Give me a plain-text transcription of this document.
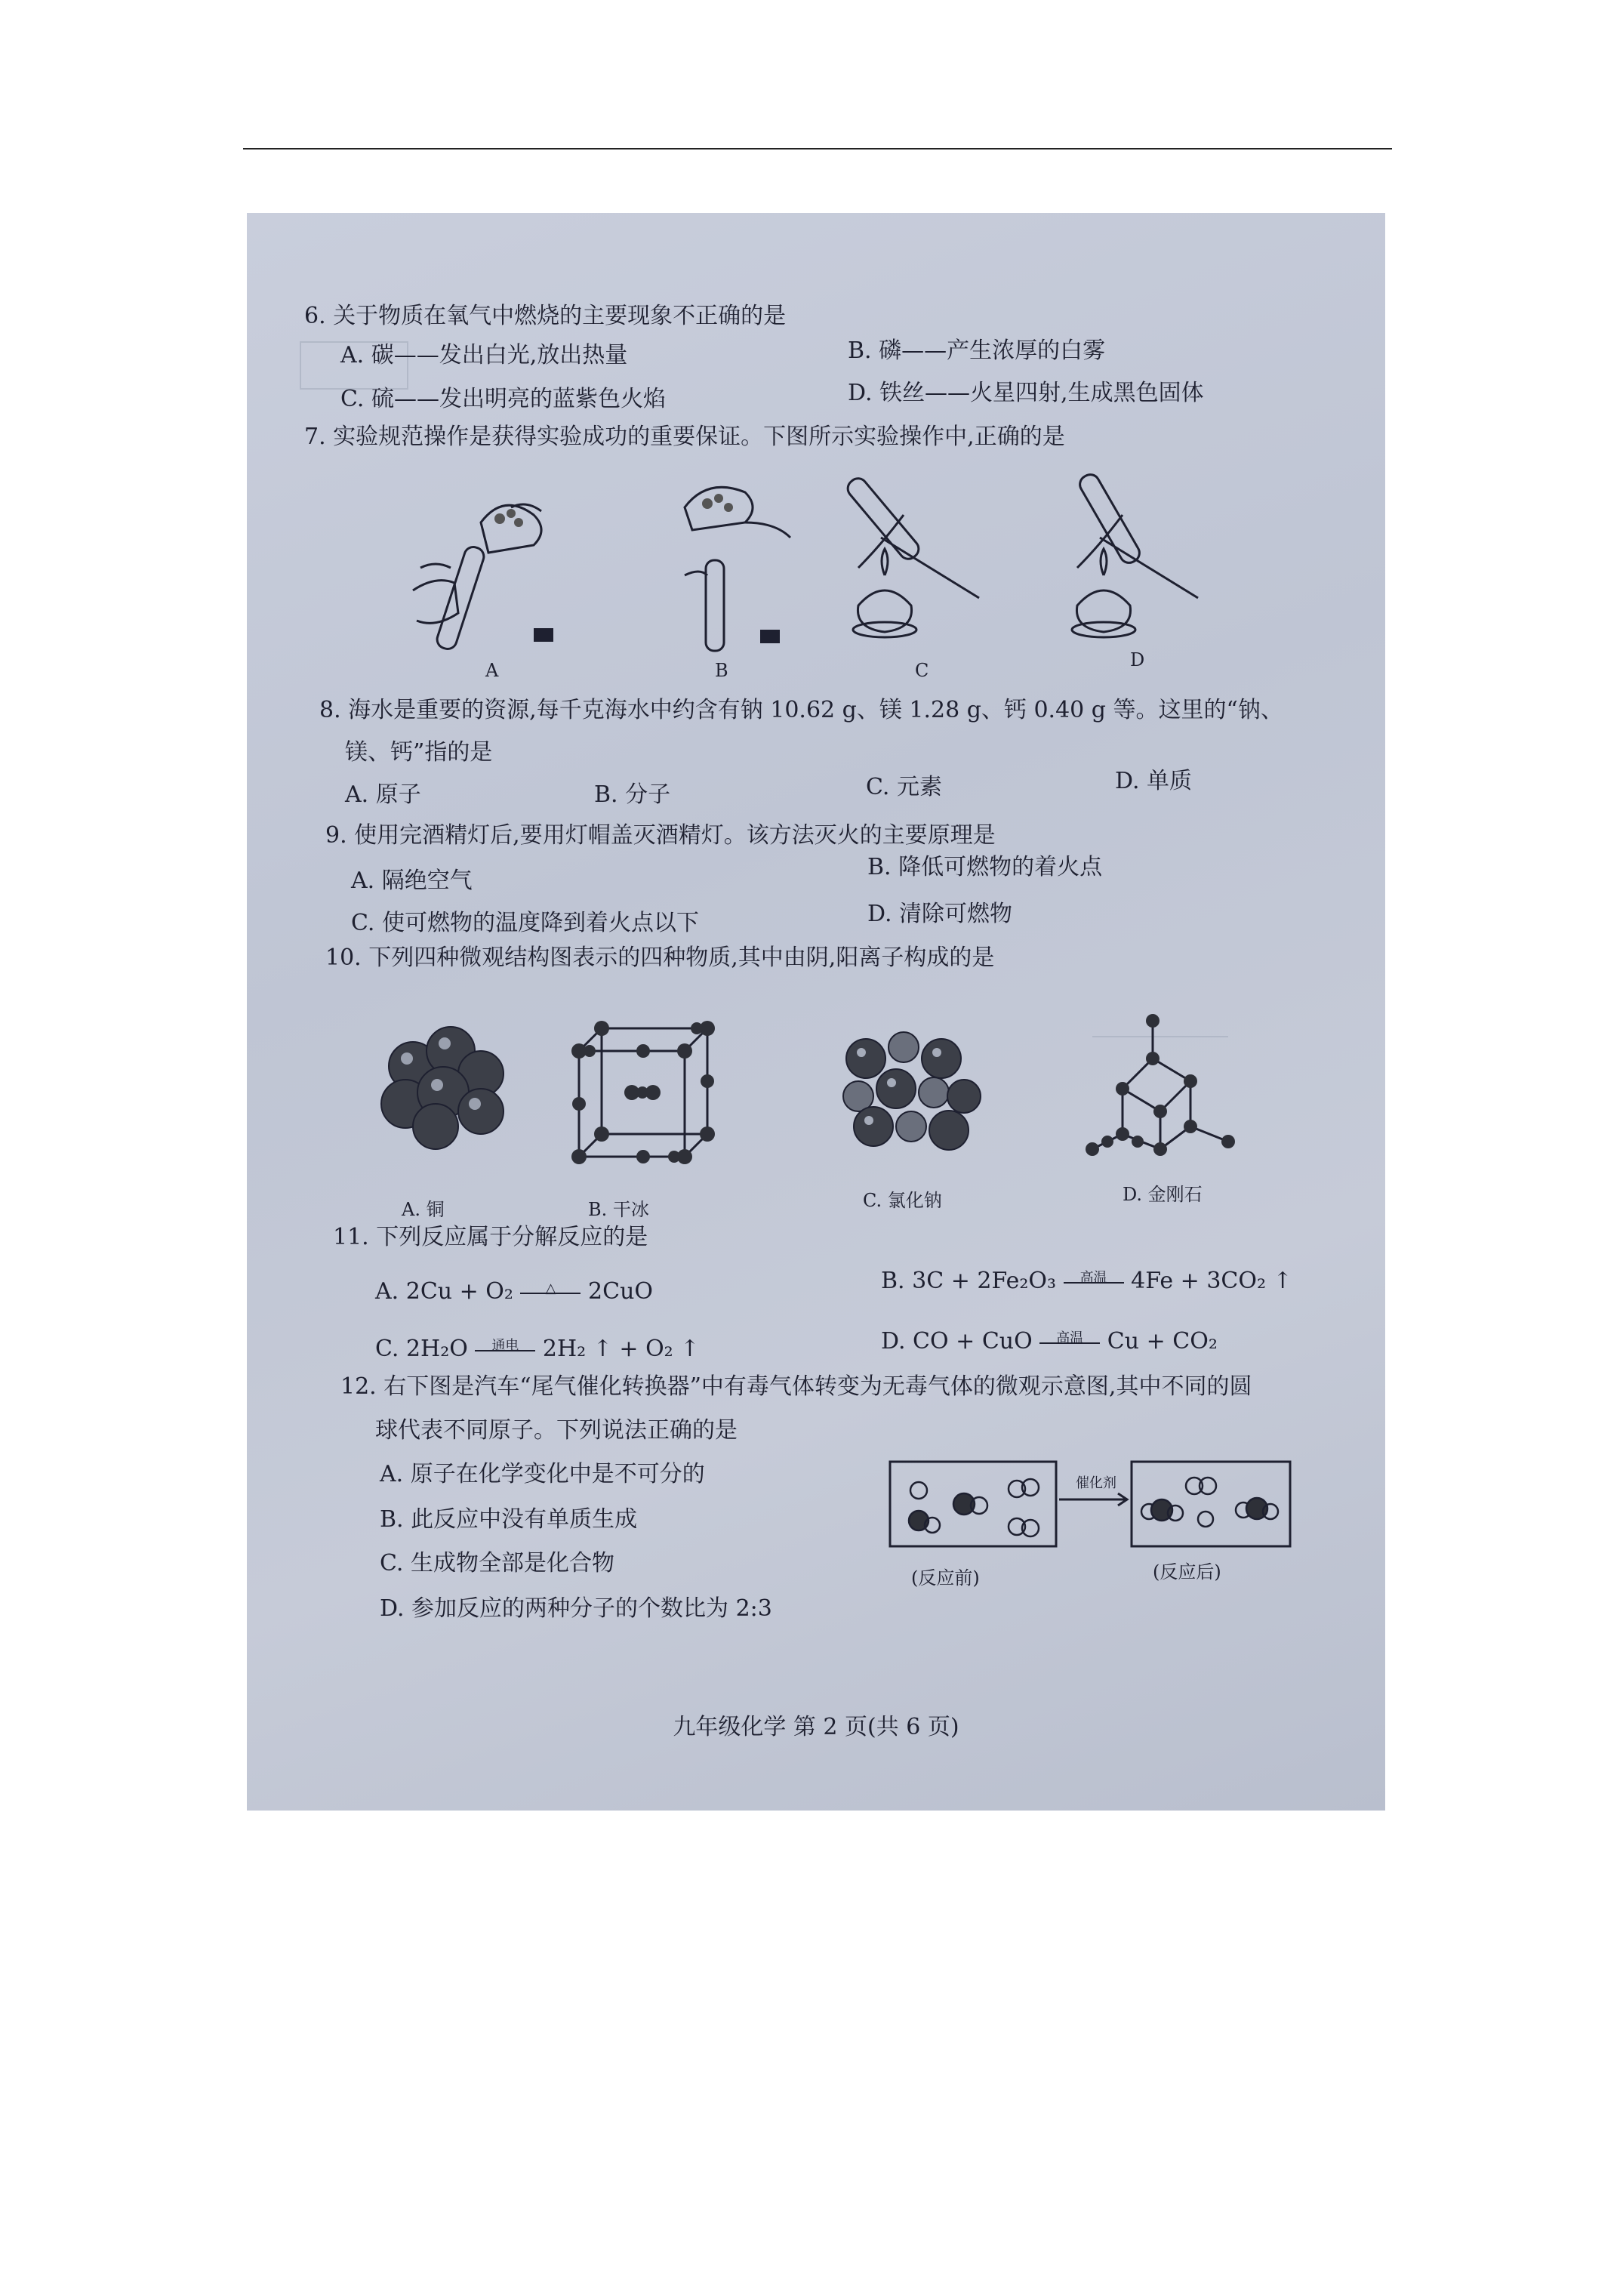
6. 关于物质在氧气中燃烧的主要现象不正确的是
A. 碳——发出白光,放出热量	B. 磷——产生浓厚的白雾
C. 硫——发出明亮的蓝紫色火焰	D. 铁丝——火星四射,生成黑色固体
7. 实验规范操作是获得实验成功的重要保证。下图所示实验操作中,正确的是
A	B	C	D
8. 海水是重要的资源,每千克海水中约含有钠 10.62 g、镁 1.28 g、钙 0.40 g 等。这里的“钠、
镁、钙”指的是
A. 原子	B. 分子	C. 元素	D. 单质
9. 使用完酒精灯后,要用灯帽盖灭酒精灯。该方法灭火的主要原理是
A. 隔绝空气
B. 降低可燃物的着火点
C. 使可燃物的温度降到着火点以下	D. 清除可燃物
10. 下列四种微观结构图表示的四种物质,其中由阴,阳离子构成的是
A. 铜	B. 干冰	C. 氯化钠	D. 金刚石
11. 下列反应属于分解反应的是
A. 2Cu + O₂	△	2CuO	B. 3C + 2Fe₂O₃	高温	4Fe + 3CO₂ ↑
C. 2H₂O	通电	2H₂ ↑ + O₂ ↑	D. CO + CuO	高温	Cu + CO₂
12. 右下图是汽车“尾气催化转换器”中有毒气体转变为无毒气体的微观示意图,其中不同的圆
球代表不同原子。下列说法正确的是
A. 原子在化学变化中是不可分的
B. 此反应中没有单质生成
C. 生成物全部是化合物
D. 参加反应的两种分子的个数比为 2:3
催化剂
(反应前)	(反应后)
九年级化学 第 2 页(共 6 页)
